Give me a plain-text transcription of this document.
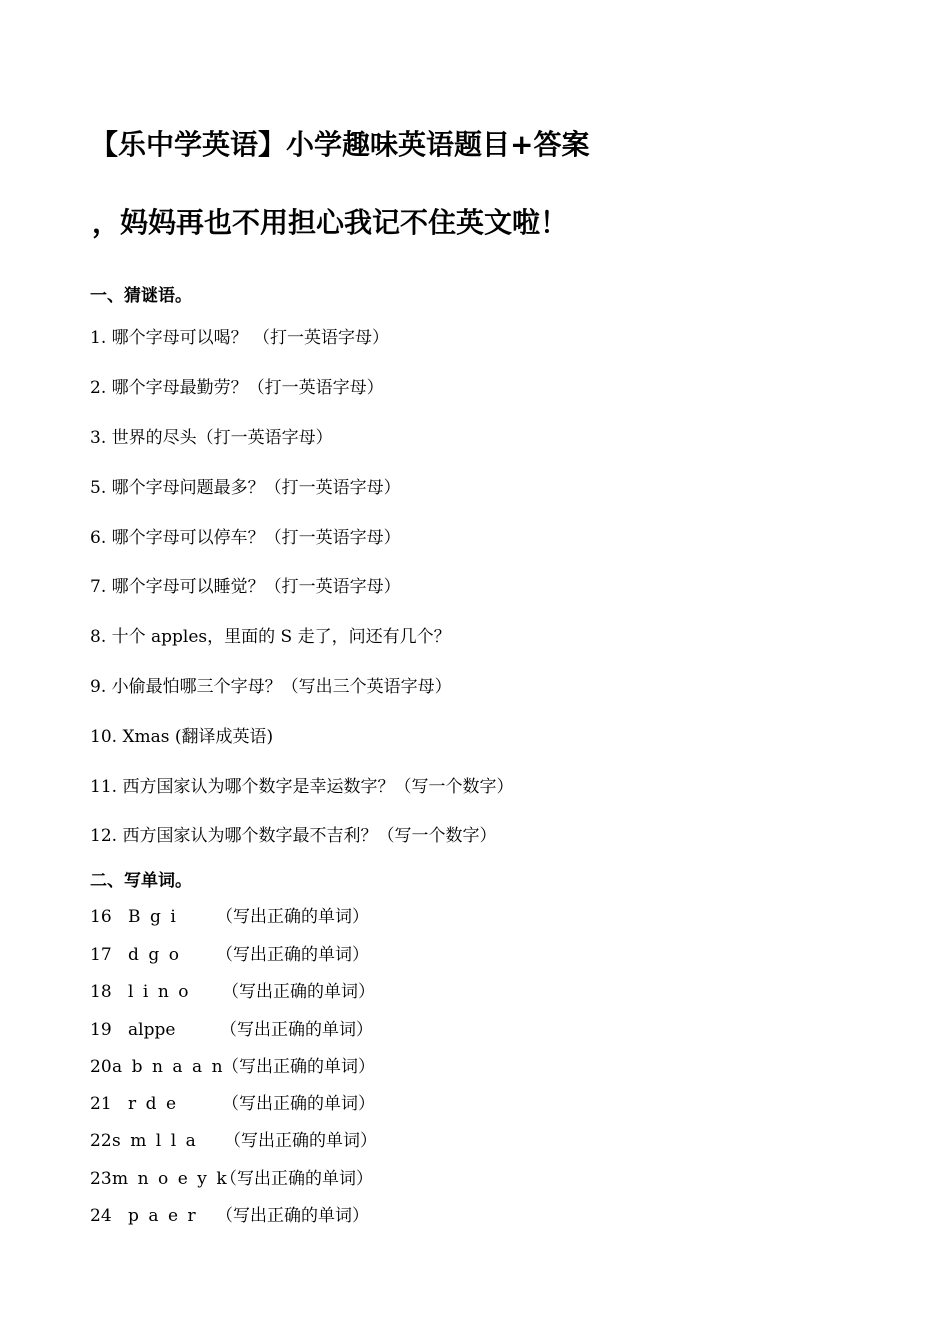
【乐中学英语】小学趣味英语题目+答案
，妈妈再也不用担心我记不住英文啦！
一、猜谜语。
1. 哪个字母可以喝？ （打一英语字母）
2. 哪个字母最勤劳？（打一英语字母）
3. 世界的尽头（打一英语字母）
5. 哪个字母问题最多？（打一英语字母）
6. 哪个字母可以停车？（打一英语字母）
7. 哪个字母可以睡觉？（打一英语字母）
8. 十个 apples，里面的 S 走了，问还有几个？
9. 小偷最怕哪三个字母？（写出三个英语字母）
10. Xmas (翻译成英语)
11. 西方国家认为哪个数字是幸运数字？（写一个数字）
12. 西方国家认为哪个数字最不吉利？（写一个数字）
二、写单词。
16 B g i （写出正确的单词）
17 d g o （写出正确的单词）
18 l i n o （写出正确的单词）
19 alppe	（写出正确的单词）
20 a b n a a n
（写出正确的单词）
21 r d e	（写出正确的单词）
22 s m l l a （写出正确的单词）
23 m n o e y k
（写出正确的单词）
24 p a e r （写出正确的单词）
